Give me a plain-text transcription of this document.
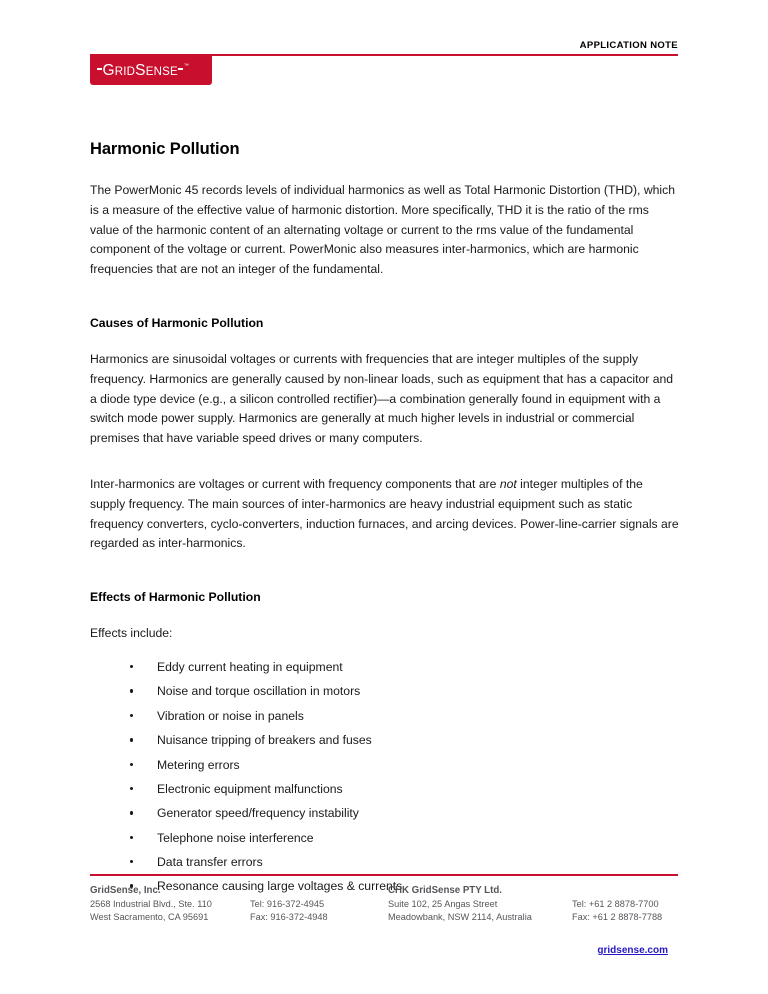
APPLICATION NOTE
G RID S ENSE ™
Harmonic Pollution

The PowerMonic 45 records levels of individual harmonics as well as Total Harmonic Distortion (THD), which is a measure of the effective value of harmonic distortion. More specifically, THD it is the ratio of the rms value of the harmonic content of an alternating voltage or current to the rms value of the fundamental component of the voltage or current. PowerMonic also measures inter-harmonics, which are harmonic frequencies that are not an integer of the fundamental.

Causes of Harmonic Pollution

Harmonics are sinusoidal voltages or currents with frequencies that are integer multiples of the supply frequency. Harmonics are generally caused by non-linear loads, such as equipment that has a capacitor and a diode type device (e.g., a silicon controlled rectifier)—a combination generally found in equipment with a switch mode power supply. Harmonics are generally at much higher levels in industrial or commercial premises that have variable speed drives or many computers.

Inter-harmonics are voltages or current with frequency components that are not integer multiples of the supply frequency. The main sources of inter-harmonics are heavy industrial equipment such as static frequency converters, cyclo-converters, induction furnaces, and arcing devices. Power-line-carrier signals are regarded as inter-harmonics.

Effects of Harmonic Pollution

Effects include:

Eddy current heating in equipment
Noise and torque oscillation in motors
Vibration or noise in panels
Nuisance tripping of breakers and fuses
Metering errors
Electronic equipment malfunctions
Generator speed/frequency instability
Telephone noise interference
Data transfer errors
Resonance causing large voltages & currents
GridSense, Inc.
2568 Industrial Blvd., Ste. 110	Tel: 916-372-4945
West Sacramento, CA 95691	Fax: 916-372-4948
CHK GridSense PTY Ltd.
Suite 102, 25 Angas Street	Tel: +61 2 8878-7700
Meadowbank, NSW 2114, Australia	Fax: +61 2 8878-7788
gridsense.com
